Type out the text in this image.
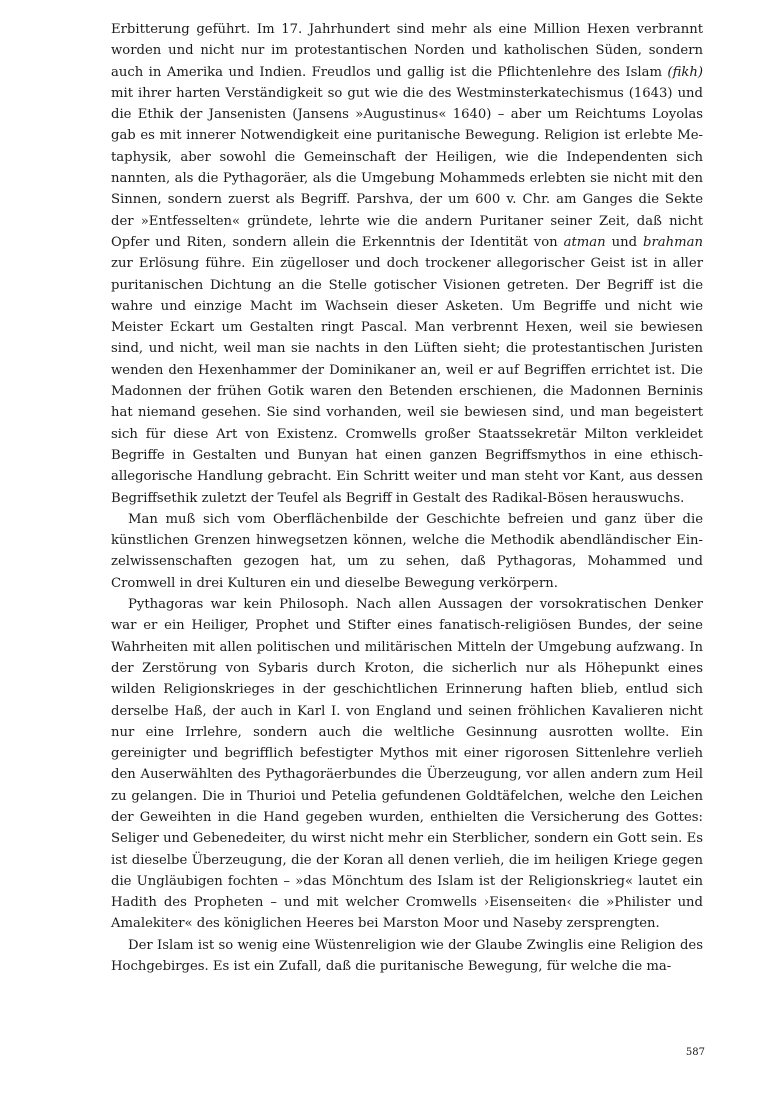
Erbitterung geführt. Im 17. Jahrhundert sind mehr als eine Million Hexen verbrannt worden und nicht nur im protestantischen Norden und katholischen Süden, sondern auch in Amerika und Indien. Freudlos und gallig ist die Pflichtenlehre des Islam (fikh) mit ihrer harten Verständigkeit so gut wie die des Westminsterkatechismus (1643) und die Ethik der Jansenisten (Jansens »Augustinus« 1640) – aber um Reichtums Loyolas gab es mit innerer Notwendigkeit eine puritanische Bewegung. Religion ist erlebte Metaphysik, aber sowohl die Gemeinschaft der Heiligen, wie die Independenten sich nannten, als die Pythagoräer, als die Umgebung Mohammeds erlebten sie nicht mit den Sinnen, sondern zuerst als Begriff. Parshva, der um 600 v. Chr. am Ganges die Sekte der »Entfesselten« gründete, lehrte wie die andern Puritaner seiner Zeit, daß nicht Opfer und Riten, sondern allein die Erkenntnis der Identität von atman und brahman zur Erlösung führe. Ein zügelloser und doch trockener allegorischer Geist ist in aller puritanischen Dichtung an die Stelle gotischer Visionen getreten. Der Begriff ist die wahre und einzige Macht im Wachsein dieser Asketen. Um Begriffe und nicht wie Meister Eckart um Gestalten ringt Pascal. Man verbrennt Hexen, weil sie bewiesen sind, und nicht, weil man sie nachts in den Lüften sieht; die protestantischen Juristen wenden den Hexenhammer der Dominikaner an, weil er auf Begriffen errichtet ist. Die Madonnen der frühen Gotik waren den Betenden erschienen, die Madonnen Berninis hat niemand gesehen. Sie sind vorhanden, weil sie bewiesen sind, und man begeistert sich für diese Art von Existenz. Cromwells großer Staatssekretär Milton verkleidet Begriffe in Gestalten und Bunyan hat einen ganzen Begriffsmythos in eine ethisch-allegorische Handlung gebracht. Ein Schritt weiter und man steht vor Kant, aus dessen Begriffsethik zuletzt der Teufel als Begriff in Gestalt des Radikal-Bösen herauswuchs.

Man muß sich vom Oberflächenbilde der Geschichte befreien und ganz über die künstlichen Grenzen hinwegsetzen können, welche die Methodik abendländischer Einzelwissenschaften gezogen hat, um zu sehen, daß Pythagoras, Mohammed und Cromwell in drei Kulturen ein und dieselbe Bewegung verkörpern.

Pythagoras war kein Philosoph. Nach allen Aussagen der vorsokratischen Denker war er ein Heiliger, Prophet und Stifter eines fanatisch-religiösen Bundes, der seine Wahrheiten mit allen politischen und militärischen Mitteln der Umgebung aufzwang. In der Zerstörung von Sybaris durch Kroton, die sicherlich nur als Höhepunkt eines wilden Religionskrieges in der geschichtlichen Erinnerung haften blieb, entlud sich derselbe Haß, der auch in Karl I. von England und seinen fröhlichen Kavalieren nicht nur eine Irrlehre, sondern auch die weltliche Gesinnung ausrotten wollte. Ein gereinigter und begrifflich befestigter Mythos mit einer rigorosen Sittenlehre verlieh den Auserwählten des Pythagoräerbundes die Überzeugung, vor allen andern zum Heil zu gelangen. Die in Thurioi und Petelia gefundenen Goldtäfelchen, welche den Leichen der Geweihten in die Hand gegeben wurden, enthielten die Versicherung des Gottes: Seliger und Gebenedeiter, du wirst nicht mehr ein Sterblicher, sondern ein Gott sein. Es ist dieselbe Überzeugung, die der Koran all denen verlieh, die im heiligen Kriege gegen die Ungläubigen fochten – »das Mönchtum des Islam ist der Religionskrieg« lautet ein Hadith des Propheten – und mit welcher Cromwells ›Eisenseiten‹ die »Philister und Amalekiter« des königlichen Heeres bei Marston Moor und Naseby zersprengten.

Der Islam ist so wenig eine Wüstenreligion wie der Glaube Zwinglis eine Religion des Hochgebirges. Es ist ein Zufall, daß die puritanische Bewegung, für welche die ma-

587
